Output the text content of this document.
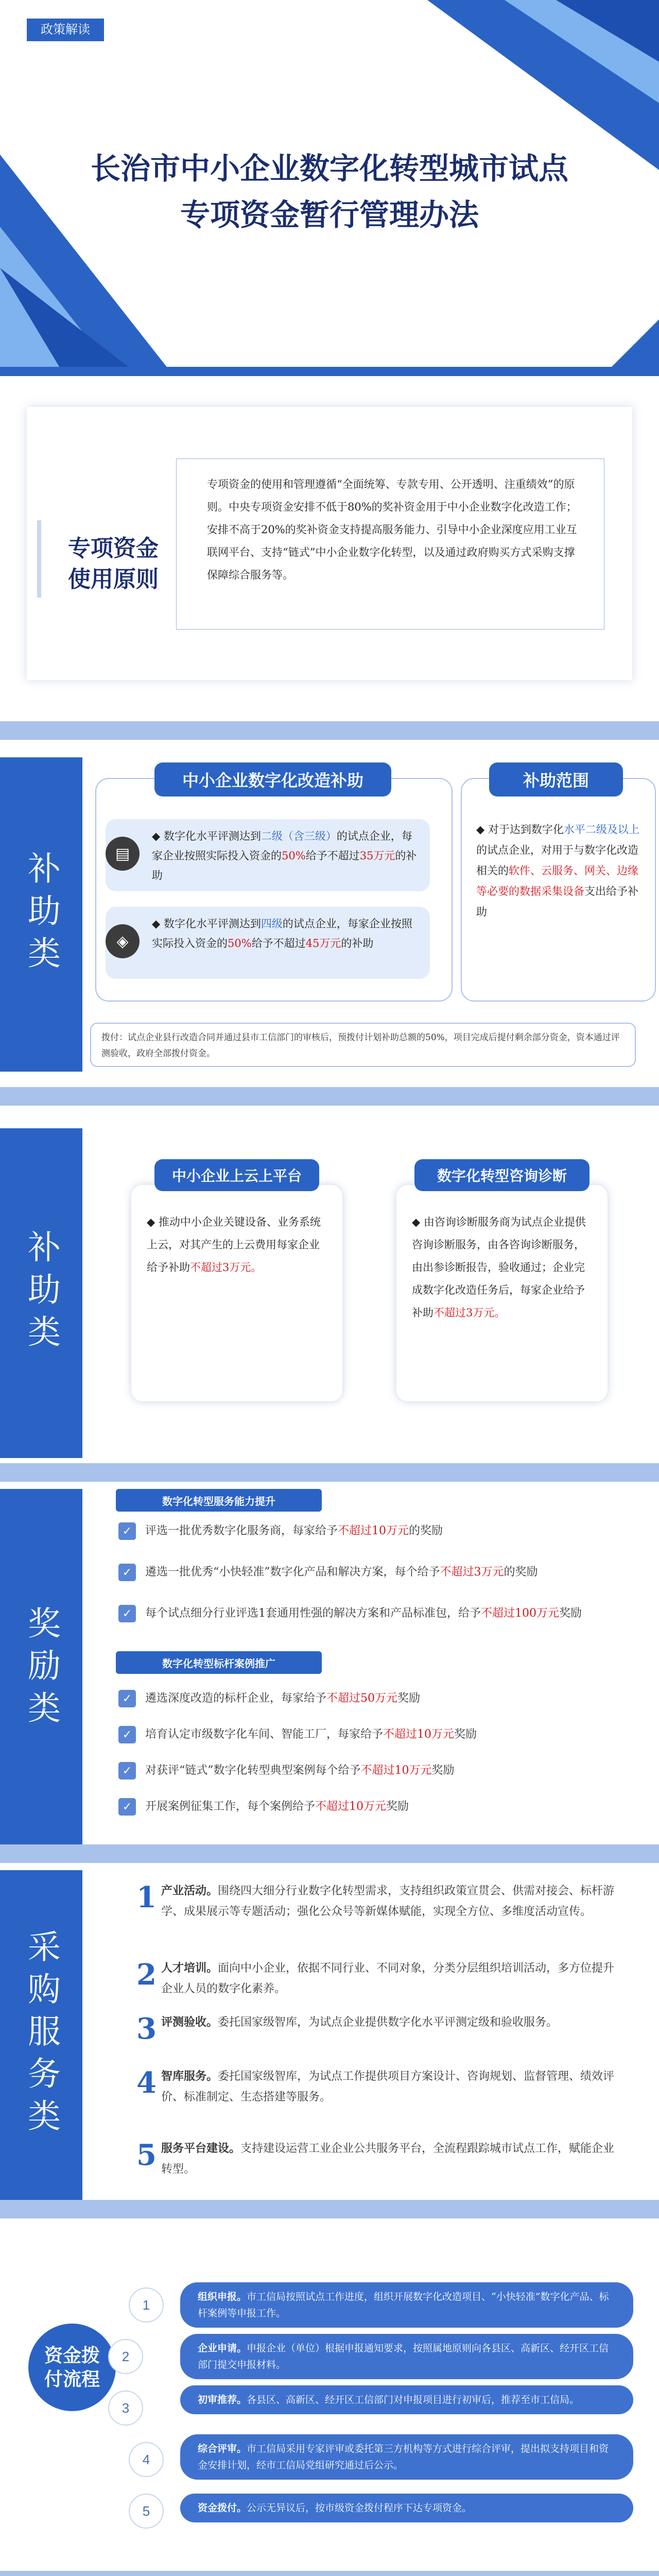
政策解读
长治市中小企业数字化转型城市试点
专项资金暂行管理办法
专项资金
使用原则
专项资金的使用和管理遵循“全面统筹、专款专用、公开透明、注重绩效”的原则。中央专项资金安排不低于80%的奖补资金用于中小企业数字化改造工作；安排不高于20%的奖补资金支持提高服务能力、引导中小企业深度应用工业互联网平台、支持“链式”中小企业数字化转型，以及通过政府购买方式采购支撑保障综合服务等。
补助类
中小企业数字化改造补助
▤
◆ 数字化水平评测达到二级（含三级）的试点企业，每家企业按照实际投入资金的50%给予不超过35万元的补助
◈
◆ 数字化水平评测达到四级的试点企业，每家企业按照实际投入资金的50%给予不超过45万元的补助
补助范围
◆ 对于达到数字化水平二级及以上的试点企业，对用于与数字化改造相关的软件、云服务、网关、边缘等必要的数据采集设备支出给予补助
拨付：试点企业县行改造合同并通过县市工信部门的审核后，预拨付计划补助总额的50%，项目完成后提付剩余部分资金，资本通过评测验收，政府全部拨付资金。
补助类
中小企业上云上平台
◆ 推动中小企业关键设备、业务系统上云，对其产生的上云费用每家企业给予补助不超过3万元。
数字化转型咨询诊断
◆ 由咨询诊断服务商为试点企业提供咨询诊断服务，由各咨询诊断服务，由出参诊断报告，验收通过；企业完成数字化改造任务后，每家企业给予补助不超过3万元。
奖励类
数字化转型服务能力提升
✓	评选一批优秀数字化服务商，每家给予不超过10万元的奖励
✓	遴选一批优秀“小快轻准”数字化产品和解决方案，每个给予不超过3万元的奖励
✓	每个试点细分行业评选1套通用性强的解决方案和产品标准包，给予不超过100万元奖励
数字化转型标杆案例推广
✓	遴选深度改造的标杆企业，每家给予不超过50万元奖励
✓	培育认定市级数字化车间、智能工厂，每家给予不超过10万元奖励
✓	对获评“链式”数字化转型典型案例每个给予不超过10万元奖励
✓	开展案例征集工作，每个案例给予不超过10万元奖励
采购服务类
1 产业活动。围绕四大细分行业数字化转型需求，支持组织政策宣贯会、供需对接会、标杆游学、成果展示等专题活动；强化公众号等新媒体赋能，实现全方位、多维度活动宣传。
2 人才培训。面向中小企业，依据不同行业、不同对象，分类分层组织培训活动，多方位提升企业人员的数字化素养。
3 评测验收。委托国家级智库，为试点企业提供数字化水平评测定级和验收服务。
4 智库服务。委托国家级智库，为试点工作提供项目方案设计、咨询规划、监督管理、绩效评价、标准制定、生态搭建等服务。
5 服务平台建设。支持建设运营工业企业公共服务平台，全流程跟踪城市试点工作，赋能企业转型。
资金拨
付流程
1
组织申报。市工信局按照试点工作进度，组织开展数字化改造项目、“小快轻准”数字化产品、标杆案例等申报工作。
2
企业申请。申报企业（单位）根据申报通知要求，按照属地原则向各县区、高新区、经开区工信部门提交申报材料。
3
初审推荐。各县区、高新区、经开区工信部门对申报项目进行初审后，推荐至市工信局。
4
综合评审。市工信局采用专家评审或委托第三方机构等方式进行综合评审，提出拟支持项目和资金安排计划，经市工信局党组研究通过后公示。
5	资金拨付。公示无异议后，按市级资金拨付程序下达专项资金。
